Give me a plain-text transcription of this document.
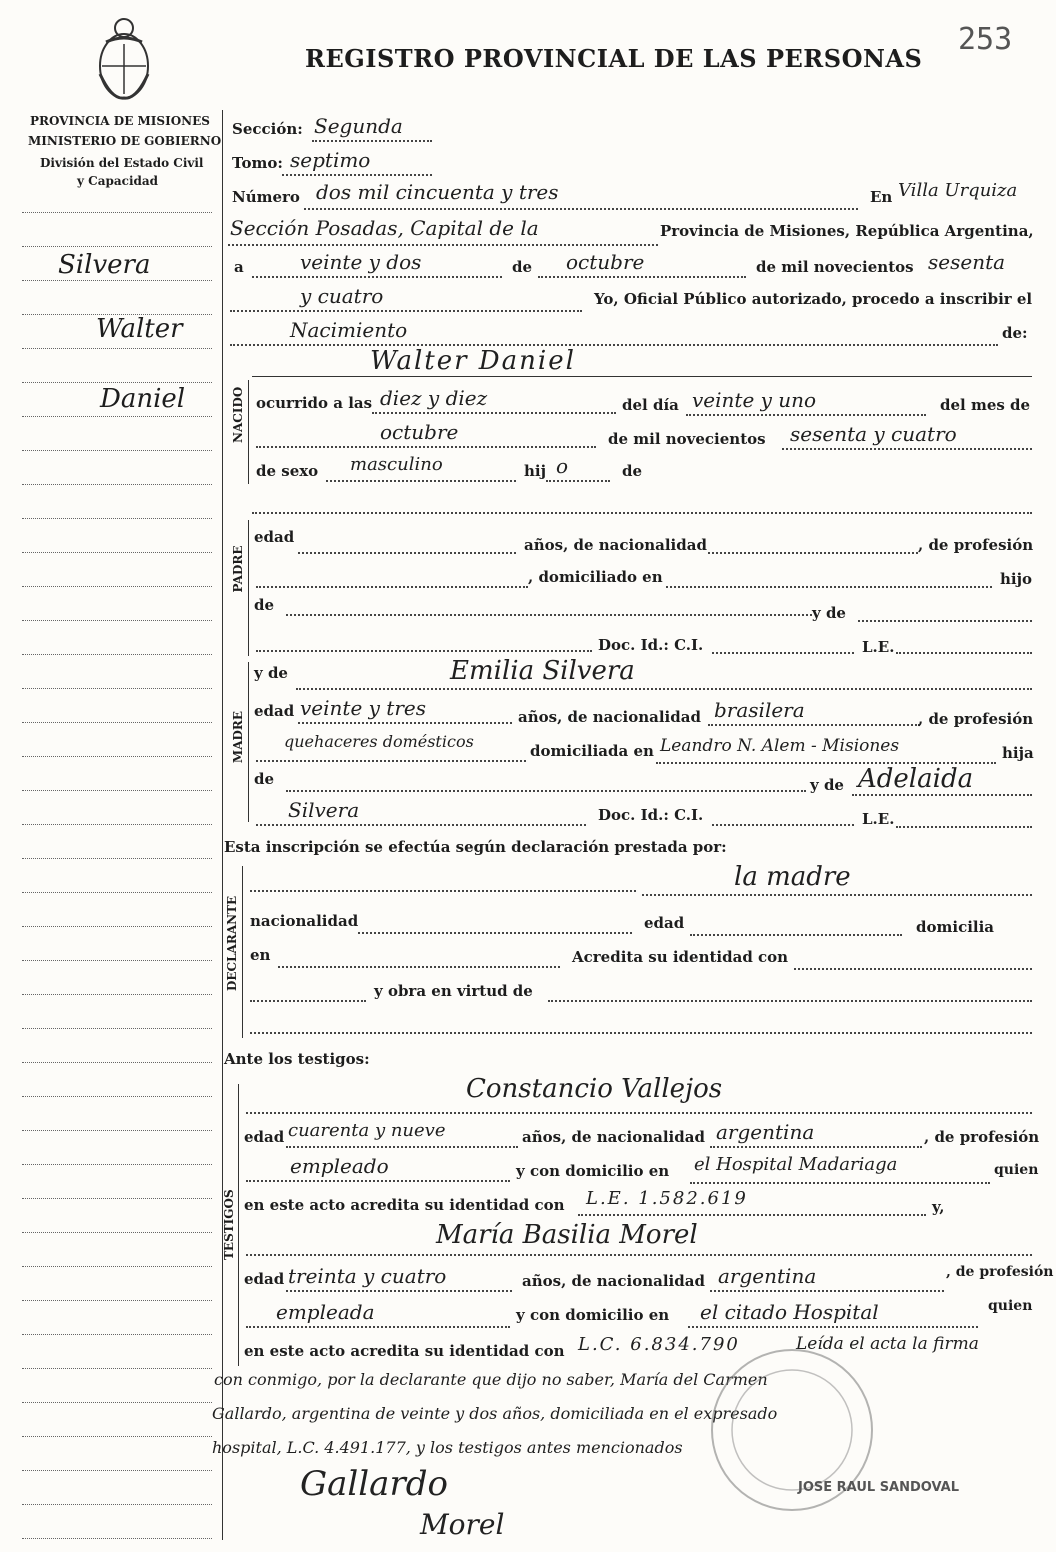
REGISTRO PROVINCIAL DE LAS PERSONAS
253
PROVINCIA DE MISIONES
MINISTERIO DE GOBIERNO
División del Estado Civil
y Capacidad
Silvera
Walter
Daniel
Sección: Segunda
Tomo: septimo
Número dos mil cincuenta y tres	En Villa Urquiza
Sección Posadas, Capital de la	Provincia de Misiones, República Argentina,
a	veinte y dos	de octubre	de mil novecientos sesenta
y cuatro	Yo, Oficial Público autorizado, procedo a inscribir el
Nacimiento	de:
Walter Daniel
NACIDO ocurrido a las diez y diez	del día veinte y uno	del mes de
octubre	de mil novecientos sesenta y cuatro
de sexo masculino	hij o	de
PADRE
edad	años, de nacionalidad	, de profesión
, domiciliado en	hijo
de	y de
Doc. Id.: C.I.	L.E.
MADRE
y de	Emilia Silvera
edad veinte y tres	años, de nacionalidad brasilera	, de profesión
quehaceres domésticos	domiciliada en Leandro N. Alem - Misiones	hija
de	y de Adelaida
Silvera	Doc. Id.: C.I.	L.E.
Esta inscripción se efectúa según declaración prestada por:
DECLARANTE
la madre
nacionalidad	edad	domicilia
en	Acredita su identidad con
y obra en virtud de
Ante los testigos:
TESTIGOS
Constancio Vallejos
edad cuarenta y nueve	años, de nacionalidad argentina	, de profesión
empleado	y con domicilio en el Hospital Madariaga	quien
en este acto acredita su identidad con L.E. 1.582.619	y,
María Basilia Morel
edad treinta y cuatro	años, de nacionalidad argentina	, de profesión
empleada	y con domicilio en el citado Hospital	quien
en este acto acredita su identidad con L.C. 6.834.790	Leída el acta la firma
con conmigo, por la declarante que dijo no saber, María del Carmen
Gallardo, argentina de veinte y dos años, domiciliada en el expresado
hospital, L.C. 4.491.177, y los testigos antes mencionados
JOSE RAUL SANDOVAL
Gallardo
Morel
